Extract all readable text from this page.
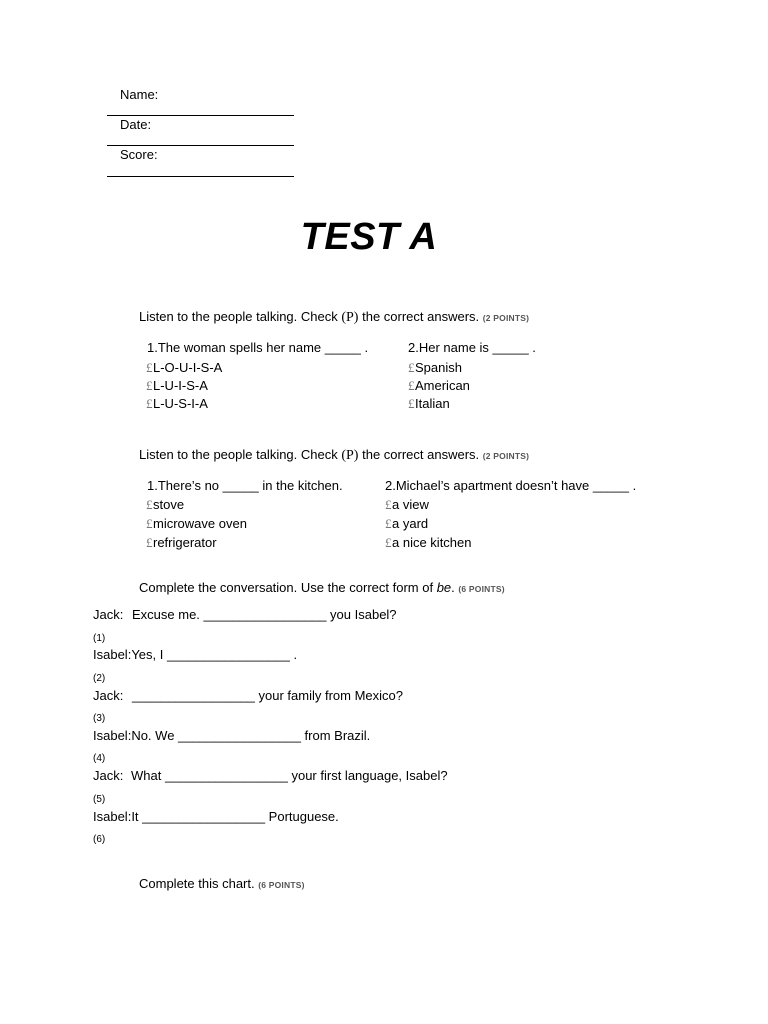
Name:
Date:
Score:
TEST A
Listen to the people talking. Check (P) the correct answers. (2 POINTS)
1.The woman spells her name _____ .
£L-O-U-I-S-A
£L-U-I-S-A
£L-U-S-I-A
2.Her name is _____ .
£Spanish
£American
£Italian
Listen to the people talking. Check (P) the correct answers. (2 POINTS)
1.There’s no _____ in the kitchen.
£stove
£microwave oven
£refrigerator
2.Michael’s apartment doesn’t have _____ .
£a view
£a yard
£a nice kitchen
Complete the conversation. Use the correct form of be. (6 POINTS)
Jack: Excuse me. _________________ you Isabel?
(1)
Isabel:Yes, I _________________ .
(2)
Jack: _________________ your family from Mexico?
(3)
Isabel:No. We _________________ from Brazil.
(4)
Jack: What _________________ your first language, Isabel?
(5)
Isabel:It _________________ Portuguese.
(6)
Complete this chart. (6 POINTS)
